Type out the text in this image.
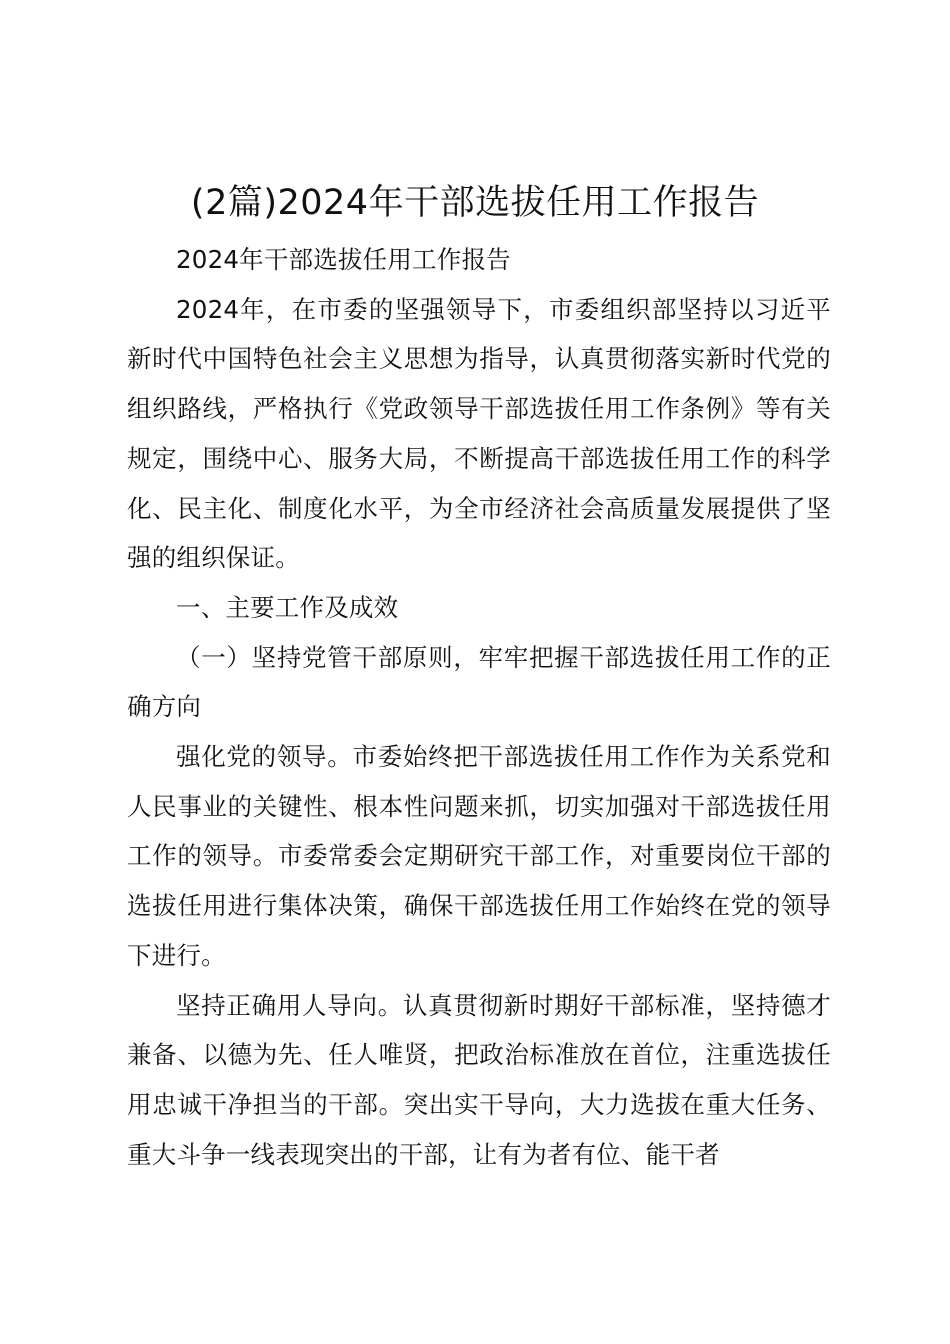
(2篇)2024年干部选拔任用工作报告

2024年干部选拔任用工作报告

2024年，在市委的坚强领导下，市委组织部坚持以习近平新时代中国特色社会主义思想为指导，认真贯彻落实新时代党的组织路线，严格执行《党政领导干部选拔任用工作条例》等有关规定，围绕中心、服务大局，不断提高干部选拔任用工作的科学化、民主化、制度化水平，为全市经济社会高质量发展提供了坚强的组织保证。

一、主要工作及成效

（一）坚持党管干部原则，牢牢把握干部选拔任用工作的正确方向

强化党的领导。市委始终把干部选拔任用工作作为关系党和人民事业的关键性、根本性问题来抓，切实加强对干部选拔任用工作的领导。市委常委会定期研究干部工作，对重要岗位干部的选拔任用进行集体决策，确保干部选拔任用工作始终在党的领导下进行。

坚持正确用人导向。认真贯彻新时期好干部标准，坚持德才兼备、以德为先、任人唯贤，把政治标准放在首位，注重选拔任用忠诚干净担当的干部。突出实干导向，大力选拔在重大任务、重大斗争一线表现突出的干部，让有为者有位、能干者
